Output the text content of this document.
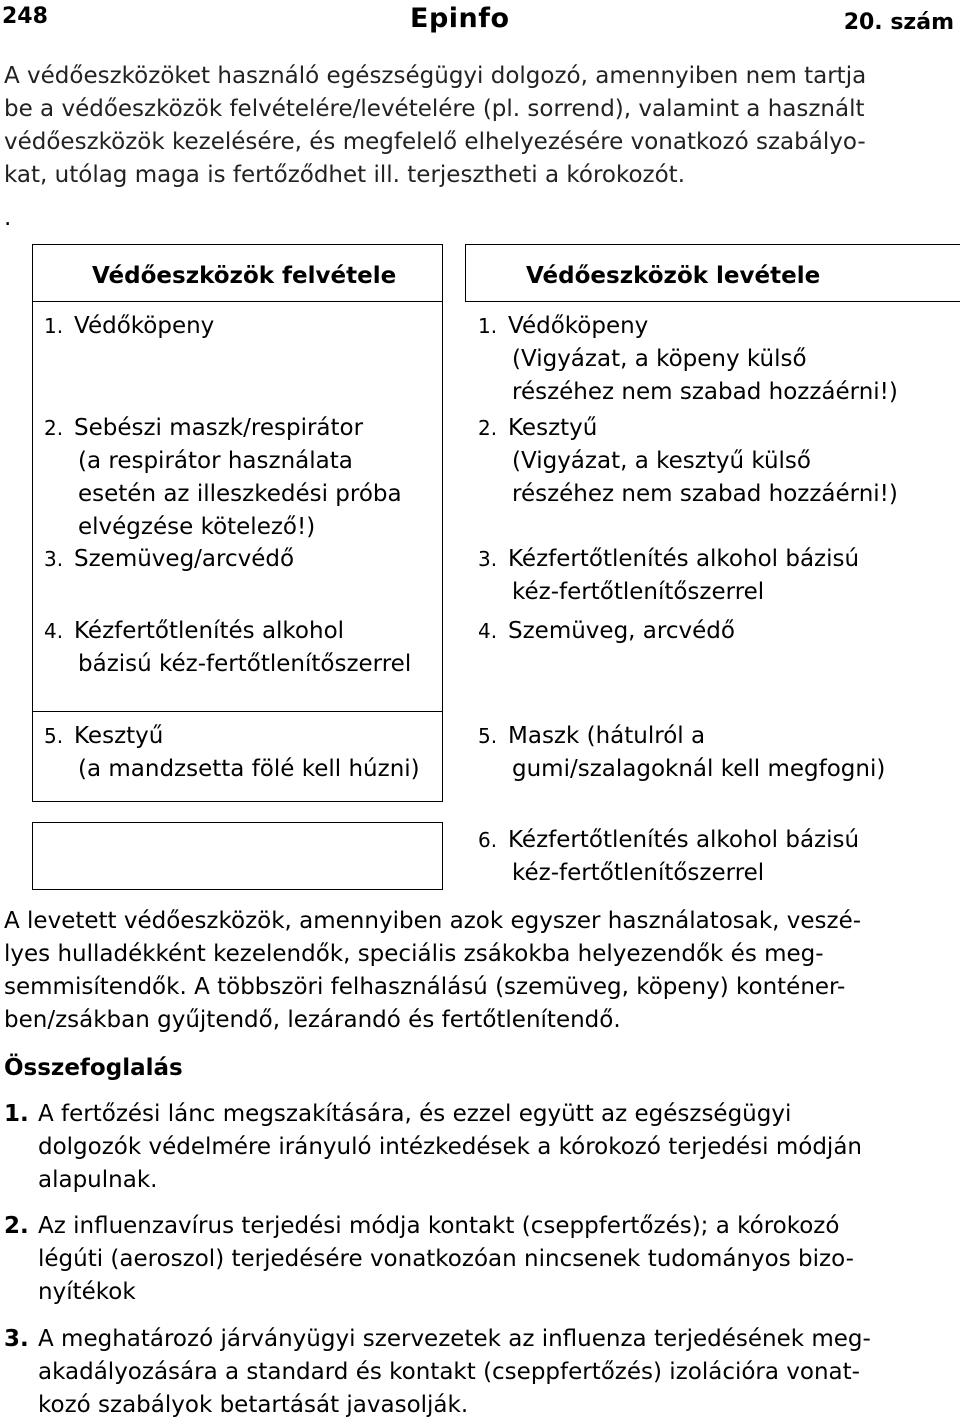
248	Epinfo	20. szám
A védőeszközöket használó egészségügyi dolgozó, amennyiben nem tartja
be a védőeszközök felvételére/levételére (pl. sorrend), valamint a használt
védőeszközök kezelésére, és megfelelő elhelyezésére vonatkozó szabályo-
kat, utólag maga is fertőződhet ill. terjesztheti a kórokozót.
.
Védőeszközök felvétele	Védőeszközök levétele
1. Védőköpeny
2. Sebészi maszk/respirátor
(a respirátor használata
esetén az illeszkedési próba
elvégzése kötelező!)
3. Szemüveg/arcvédő
4. Kézfertőtlenítés alkohol
bázisú kéz-fertőtlenítőszerrel
5. Kesztyű
(a mandzsetta fölé kell húzni)
1. Védőköpeny
(Vigyázat, a köpeny külső
részéhez nem szabad hozzáérni!)
2. Kesztyű
(Vigyázat, a kesztyű külső
részéhez nem szabad hozzáérni!)
3. Kézfertőtlenítés alkohol bázisú
kéz-fertőtlenítőszerrel
4. Szemüveg, arcvédő
5. Maszk (hátulról a
gumi/szalagoknál kell megfogni)
6. Kézfertőtlenítés alkohol bázisú
kéz-fertőtlenítőszerrel
A levetett védőeszközök, amennyiben azok egyszer használatosak, veszé-
lyes hulladékként kezelendők, speciális zsákokba helyezendők és meg-
semmisítendők. A többszöri felhasználású (szemüveg, köpeny) konténer-
ben/zsákban gyűjtendő, lezárandó és fertőtlenítendő.
Összefoglalás
1. A fertőzési lánc megszakítására, és ezzel együtt az egészségügyi
dolgozók védelmére irányuló intézkedések a kórokozó terjedési módján
alapulnak.
2. Az influenzavírus terjedési módja kontakt (cseppfertőzés); a kórokozó
légúti (aeroszol) terjedésére vonatkozóan nincsenek tudományos bizo-
nyítékok
3. A meghatározó járványügyi szervezetek az influenza terjedésének meg-
akadályozására a standard és kontakt (cseppfertőzés) izolációra vonat-
kozó szabályok betartását javasolják.
